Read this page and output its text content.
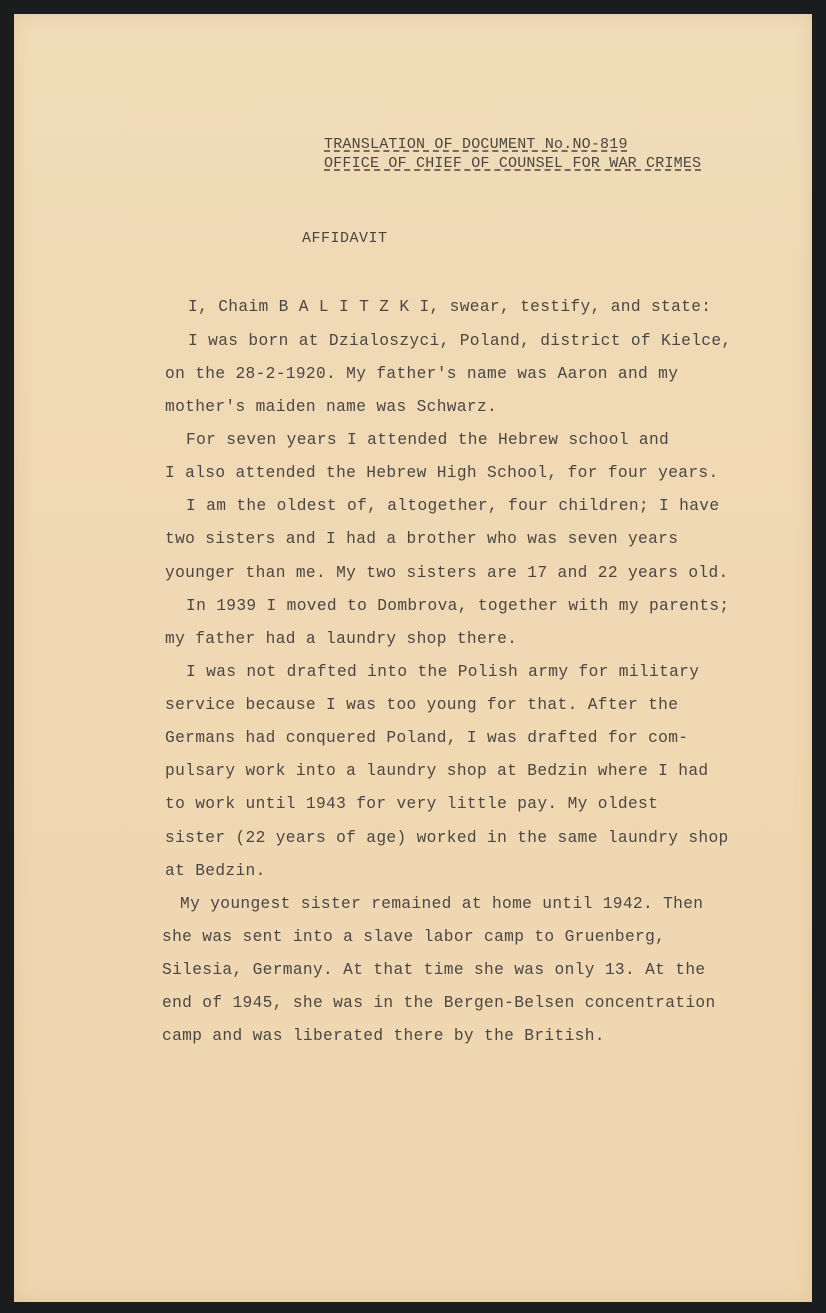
TRANSLATION OF DOCUMENT No.NO-819
OFFICE OF CHIEF OF COUNSEL FOR WAR CRIMES
AFFIDAVIT
I, Chaim B A L I T Z K I, swear, testify, and state:
I was born at Dzialoszyci, Poland, district of Kielce,
on the 28-2-1920. My father's name was Aaron and my
mother's maiden name was Schwarz.
For seven years I attended the Hebrew school and
I also attended the Hebrew High School, for four years.
I am the oldest of, altogether, four children; I have
two sisters and I had a brother who was seven years
younger than me. My two sisters are 17 and 22 years old.
In 1939 I moved to Dombrova, together with my parents;
my father had a laundry shop there.
I was not drafted into the Polish army for military
service because I was too young for that. After the
Germans had conquered Poland, I was drafted for com-
pulsary work into a laundry shop at Bedzin where I had
to work until 1943 for very little pay. My oldest
sister (22 years of age) worked in the same laundry shop
at Bedzin.
My youngest sister remained at home until 1942. Then
she was sent into a slave labor camp to Gruenberg,
Silesia, Germany. At that time she was only 13. At the
end of 1945, she was in the Bergen-Belsen concentration
camp and was liberated there by the British.
